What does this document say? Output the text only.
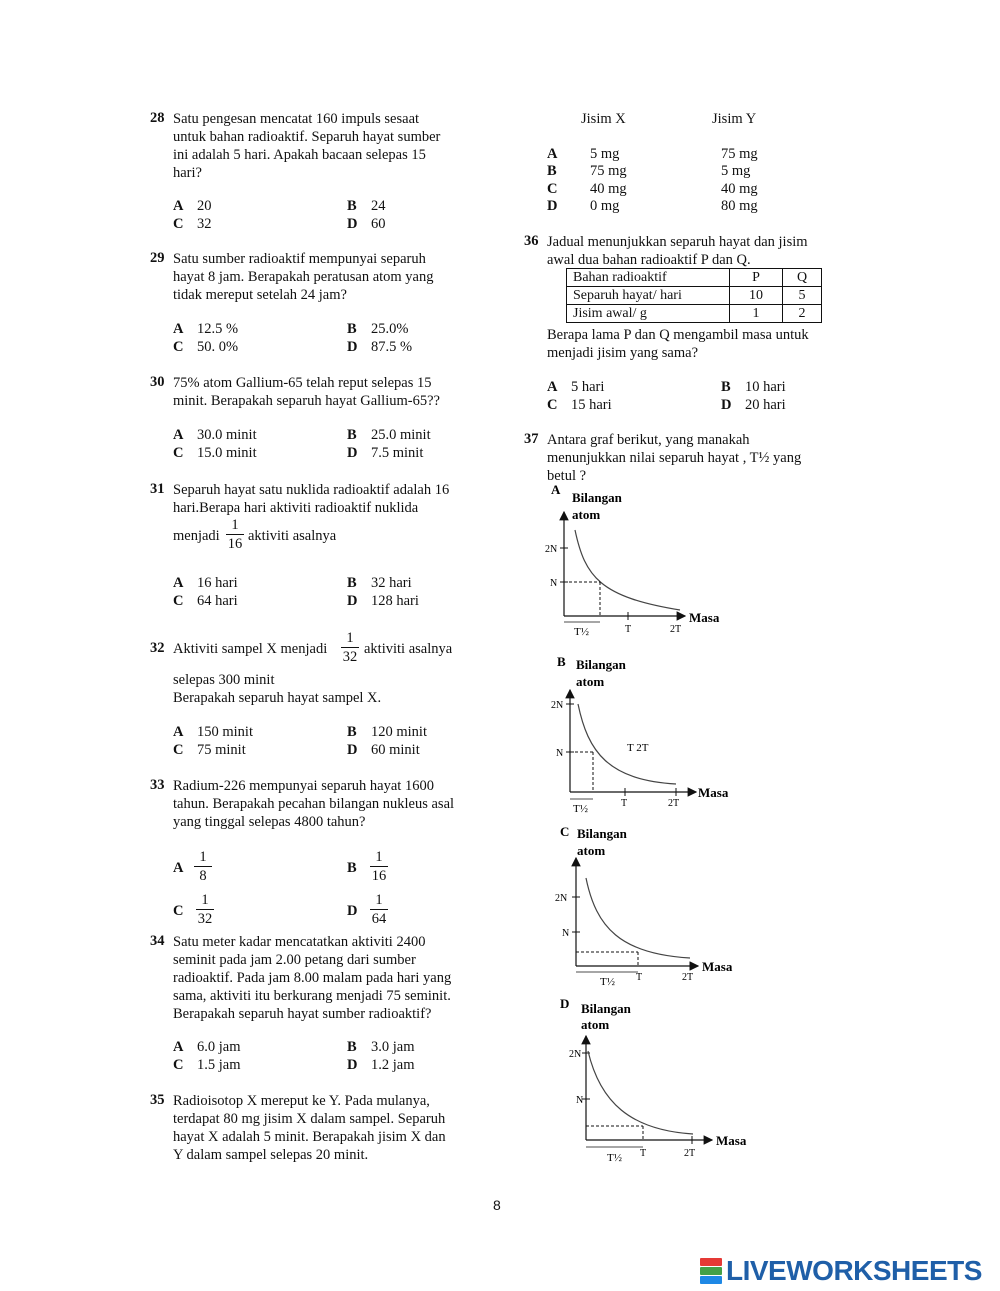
28 Satu pengesan mencatat 160 impuls sesaat
untuk bahan radioaktif. Separuh hayat sumber
ini adalah 5 hari. Apakah bacaan selepas 15
hari?
A 20	B 24
C 32	D 60
29 Satu sumber radioaktif mempunyai separuh
hayat 8 jam. Berapakah peratusan atom yang
tidak mereput setelah 24 jam?
A 12.5 %	B 25.0%
C 50. 0%	D 87.5 %
30 75% atom Gallium-65 telah reput selepas 15
minit. Berapakah separuh hayat Gallium-65??
A 30.0 minit	B 25.0 minit
C 15.0 minit	D 7.5 minit
31 Separuh hayat satu nuklida radioaktif adalah 16
hari.Berapa hari aktiviti radioaktif nuklida
menjadi
1
16 aktiviti asalnya
A 16 hari	B 32 hari
C 64 hari	D 128 hari
32 Aktiviti sampel X menjadi
1
32 aktiviti asalnya
selepas 300 minit
Berapakah separuh hayat sampel X.
A 150 minit	B 120 minit
C 75 minit	D 60 minit
33 Radium-226 mempunyai separuh hayat 1600
tahun. Berapakah pecahan bilangan nukleus asal
yang tinggal selepas 4800 tahun?
A
1
8	B
1
16
C
1
32	D
1
64
34 Satu meter kadar mencatatkan aktiviti 2400
seminit pada jam 2.00 petang dari sumber
radioaktif. Pada jam 8.00 malam pada hari yang
sama, aktiviti itu berkurang menjadi 75 seminit.
Berapakah separuh hayat sumber radioaktif?
A 6.0 jam	B 3.0 jam
C 1.5 jam	D 1.2 jam
35 Radioisotop X mereput ke Y. Pada mulanya,
terdapat 80 mg jisim X dalam sampel. Separuh
hayat X adalah 5 minit. Berapakah jisim X dan
Y dalam sampel selepas 20 minit.
Jisim X	Jisim Y
A 5 mg	75 mg
B 75 mg	5 mg
C 40 mg	40 mg
D 0 mg	80 mg
36 Jadual menunjukkan separuh hayat dan jisim
awal dua bahan radioaktif P dan Q.
Bahan radioaktif	P	Q
Separuh hayat/ hari	10	5
Jisim awal/ g	1	2
Berapa lama P dan Q mengambil masa untuk
menjadi jisim yang sama?
A 5 hari	B 10 hari
C 15 hari	D 20 hari
37 Antara graf berikut, yang manakah
menunjukkan nilai separuh hayat , T½ yang
betul ?
A
Bilangan
atom
2N
N
T½	T	2T
Masa
B Bilangan
atom
2N
N	T 2T
T½	T	2T
Masa
C Bilangan
atom
2N
N
T½ T	2T
Masa
D Bilangan
atom
2N
N
T½ T	2T
Masa
8
LIVEWORKSHEETS
